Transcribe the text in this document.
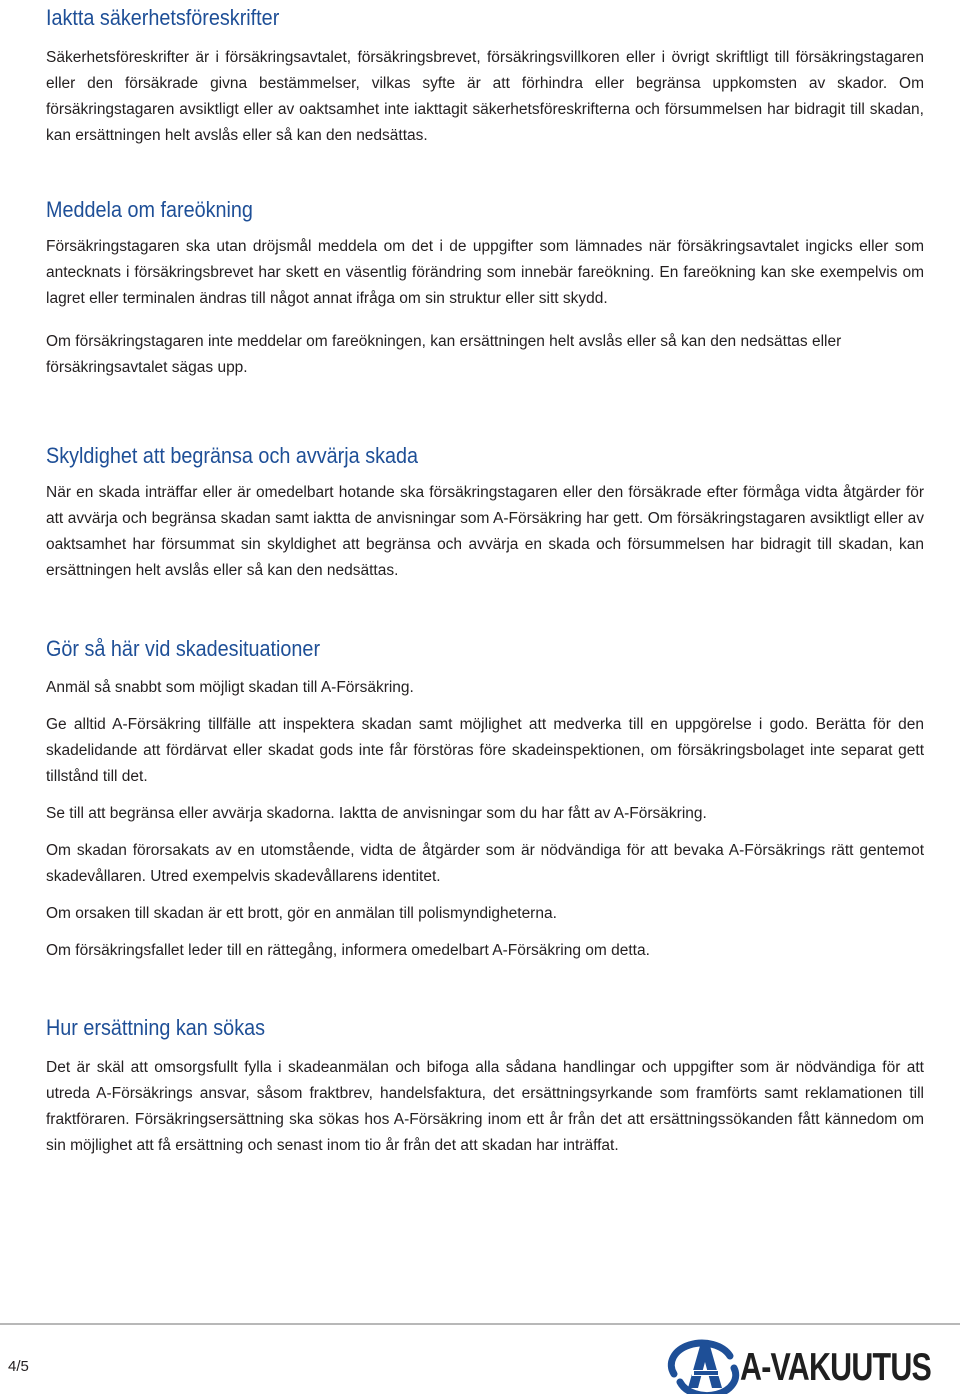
Iaktta säkerhetsföreskrifter

Säkerhetsföreskrifter är i försäkringsavtalet, försäkringsbrevet, försäkringsvillkoren eller i övrigt skriftligt till försäkringstagaren eller den försäkrade givna bestämmelser, vilkas syfte är att förhindra eller begränsa uppkomsten av skador. Om försäkringstagaren avsiktligt eller av oaktsamhet inte iakttagit säkerhetsföreskrifterna och försummelsen har bidragit till skadan, kan ersättningen helt avslås eller så kan den nedsättas.

Meddela om fareökning

Försäkringstagaren ska utan dröjsmål meddela om det i de uppgifter som lämnades när försäkringsavtalet ingicks eller som antecknats i försäkringsbrevet har skett en väsentlig förändring som innebär fareökning. En fareökning kan ske exempelvis om lagret eller terminalen ändras till något annat ifråga om sin struktur eller sitt skydd.

Om försäkringstagaren inte meddelar om fareökningen, kan ersättningen helt avslås eller så kan den nedsättas eller försäkringsavtalet sägas upp.

Skyldighet att begränsa och avvärja skada

När en skada inträffar eller är omedelbart hotande ska försäkringstagaren eller den försäkrade efter förmåga vidta åtgärder för att avvärja och begränsa skadan samt iaktta de anvisningar som A-Försäkring har gett. Om försäkringstagaren avsiktligt eller av oaktsamhet har försummat sin skyldighet att begränsa och avvärja en skada och försummelsen har bidragit till skadan, kan ersättningen helt avslås eller så kan den nedsättas.

Gör så här vid skadesituationer

Anmäl så snabbt som möjligt skadan till A-Försäkring.

Ge alltid A-Försäkring tillfälle att inspektera skadan samt möjlighet att medverka till en uppgörelse i godo. Berätta för den skadelidande att fördärvat eller skadat gods inte får förstöras före skadeinspektionen, om försäkringsbolaget inte separat gett tillstånd till det.

Se till att begränsa eller avvärja skadorna. Iaktta de anvisningar som du har fått av A-Försäkring.

Om skadan förorsakats av en utomstående, vidta de åtgärder som är nödvändiga för att bevaka A-Försäkrings rätt gentemot skadevållaren. Utred exempelvis skadevållarens identitet.

Om orsaken till skadan är ett brott, gör en anmälan till polismyndigheterna.

Om försäkringsfallet leder till en rättegång, informera omedelbart A-Försäkring om detta.

Hur ersättning kan sökas

Det är skäl att omsorgsfullt fylla i skadeanmälan och bifoga alla sådana handlingar och uppgifter som är nödvändiga för att utreda A-Försäkrings ansvar, såsom fraktbrev, handelsfaktura, det ersättningsyrkande som framförts samt reklamationen till fraktföraren. Försäkringsersättning ska sökas hos A-Försäkring inom ett år från det att ersättningssökanden fått kännedom om sin möjlighet att få ersättning och senast inom tio år från det att skadan har inträffat.

4/5	A-VAKUUTUS
